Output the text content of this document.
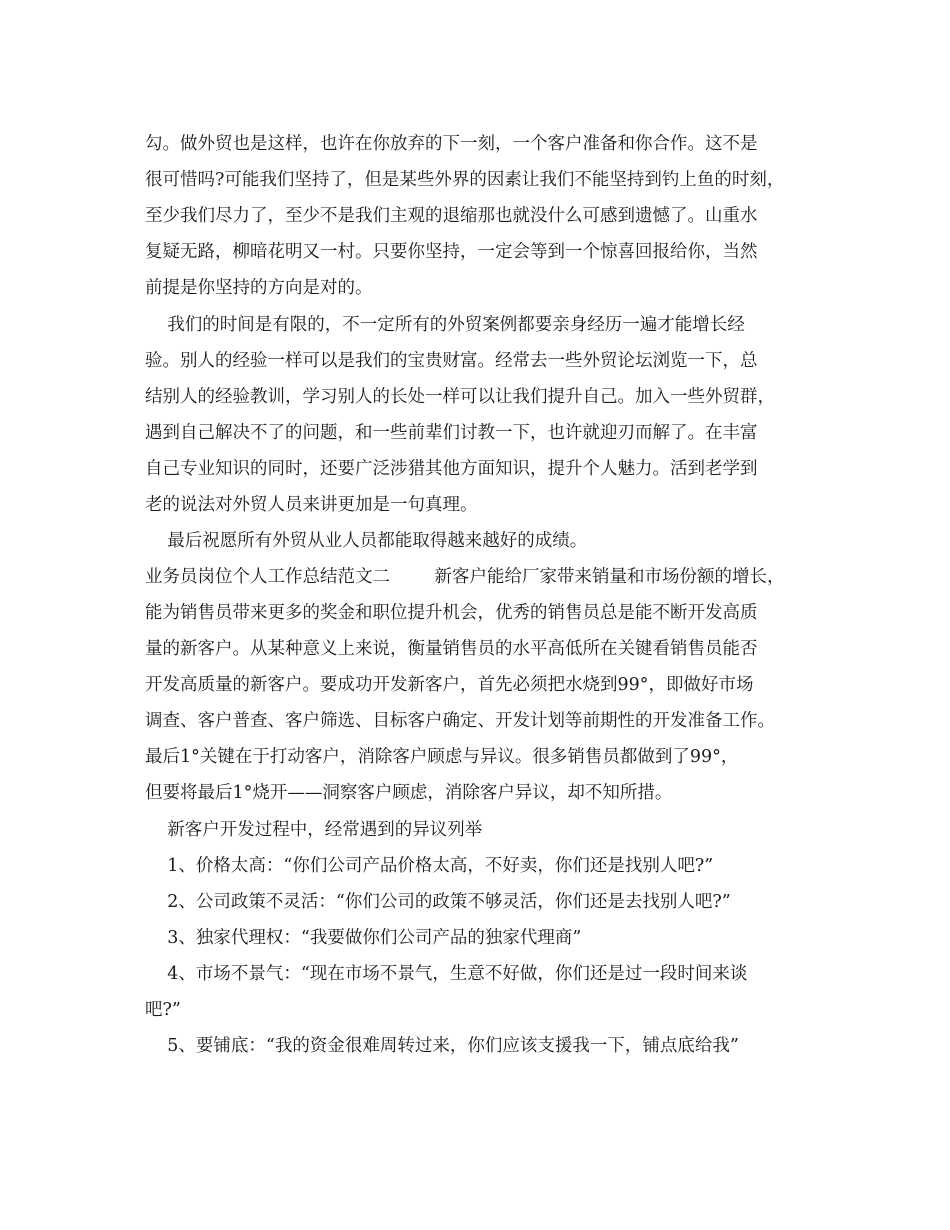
勾。做外贸也是这样，也许在你放弃的下一刻，一个客户准备和你合作。这不是
很可惜吗?可能我们坚持了，但是某些外界的因素让我们不能坚持到钓上鱼的时刻，
至少我们尽力了，至少不是我们主观的退缩那也就没什么可感到遗憾了。山重水
复疑无路，柳暗花明又一村。只要你坚持，一定会等到一个惊喜回报给你，当然
前提是你坚持的方向是对的。
我们的时间是有限的，不一定所有的外贸案例都要亲身经历一遍才能增长经
验。别人的经验一样可以是我们的宝贵财富。经常去一些外贸论坛浏览一下，总
结别人的经验教训，学习别人的长处一样可以让我们提升自己。加入一些外贸群，
遇到自己解决不了的问题，和一些前辈们讨教一下，也许就迎刃而解了。在丰富
自己专业知识的同时，还要广泛涉猎其他方面知识，提升个人魅力。活到老学到
老的说法对外贸人员来讲更加是一句真理。
最后祝愿所有外贸从业人员都能取得越来越好的成绩。
业务员岗位个人工作总结范文二        新客户能给厂家带来销量和市场份额的增长，
能为销售员带来更多的奖金和职位提升机会，优秀的销售员总是能不断开发高质
量的新客户。从某种意义上来说，衡量销售员的水平高低所在关键看销售员能否
开发高质量的新客户。要成功开发新客户，首先必须把水烧到99°，即做好市场
调查、客户普查、客户筛选、目标客户确定、开发计划等前期性的开发准备工作。
最后1°关键在于打动客户，消除客户顾虑与异议。很多销售员都做到了99°，
但要将最后1°烧开——洞察客户顾虑，消除客户异议，却不知所措。
新客户开发过程中，经常遇到的异议列举
1、价格太高：“你们公司产品价格太高，不好卖，你们还是找别人吧?”
2、公司政策不灵活：“你们公司的政策不够灵活，你们还是去找别人吧?”
3、独家代理权：“我要做你们公司产品的独家代理商”
4、市场不景气：“现在市场不景气，生意不好做，你们还是过一段时间来谈
吧?”
5、要铺底：“我的资金很难周转过来，你们应该支援我一下，铺点底给我”
